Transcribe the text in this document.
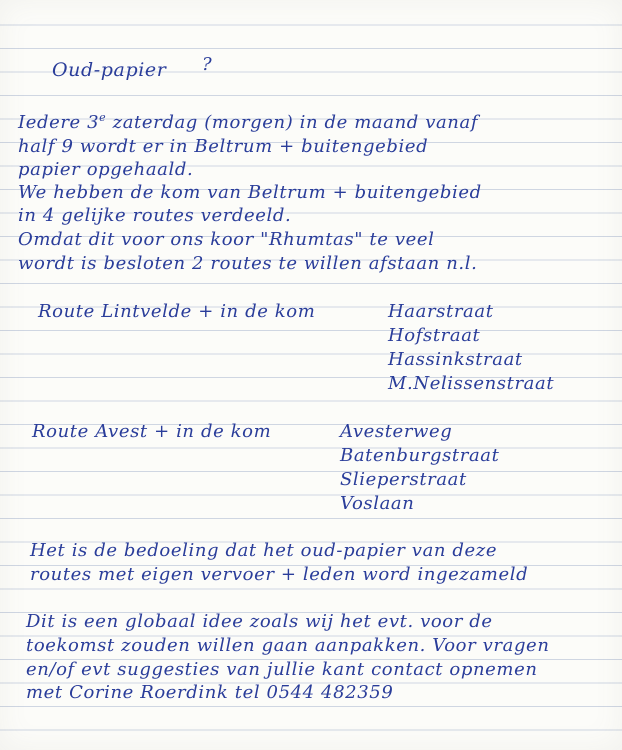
Oud-papier ?
Iedere 3e zaterdag (morgen) in de maand vanaf
half 9 wordt er in Beltrum + buitengebied
papier opgehaald.
We hebben de kom van Beltrum + buitengebied
in 4 gelijke routes verdeeld.
Omdat dit voor ons koor "Rhumtas" te veel
wordt is besloten 2 routes te willen afstaan n.l.
Route Lintvelde + in de kom	Haarstraat
Hofstraat
Hassinkstraat
M.Nelissenstraat
Route Avest + in de kom	Avesterweg
Batenburgstraat
Slieperstraat
Voslaan
Het is de bedoeling dat het oud-papier van deze
routes met eigen vervoer + leden word ingezameld
Dit is een globaal idee zoals wij het evt. voor de
toekomst zouden willen gaan aanpakken. Voor vragen
en/of evt suggesties van jullie kant contact opnemen
met Corine Roerdink tel 0544 482359
